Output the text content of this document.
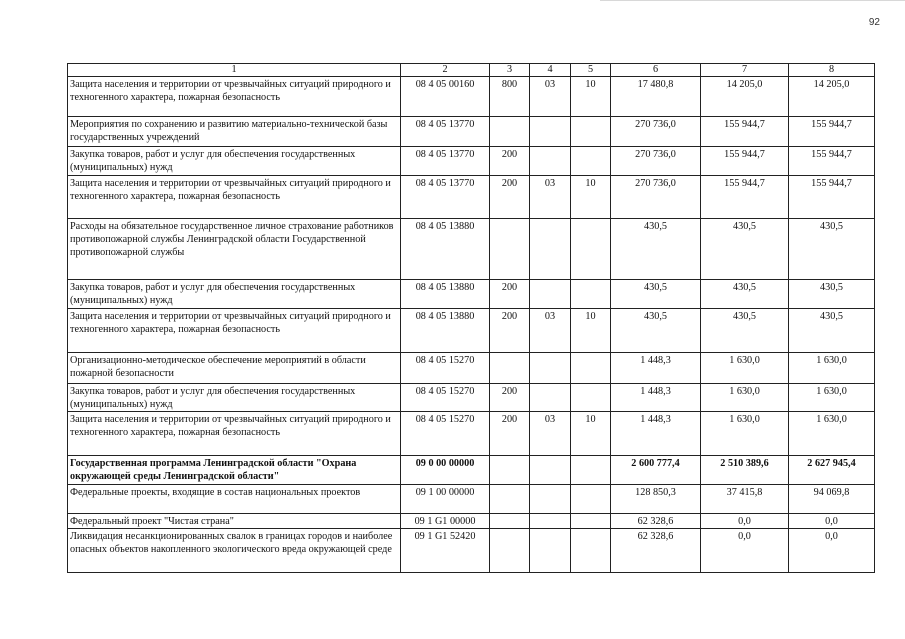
92
1	2	3	4	5	6	7	8
Защита населения и территории от чрезвычайных ситуаций природного и техногенного характера, пожарная безопасность	08 4 05 00160	800	03	10	17 480,8	14 205,0	14 205,0
Мероприятия по сохранению и развитию материально-технической базы государственных учреждений	08 4 05 13770				270 736,0	155 944,7	155 944,7
Закупка товаров, работ и услуг для обеспечения государственных (муниципальных) нужд	08 4 05 13770	200			270 736,0	155 944,7	155 944,7
Защита населения и территории от чрезвычайных ситуаций природного и техногенного характера, пожарная безопасность	08 4 05 13770	200	03	10	270 736,0	155 944,7	155 944,7
Расходы на обязательное государственное личное страхование работников противопожарной службы Ленинградской области Государственной противопожарной службы	08 4 05 13880				430,5	430,5	430,5
Закупка товаров, работ и услуг для обеспечения государственных (муниципальных) нужд	08 4 05 13880	200			430,5	430,5	430,5
Защита населения и территории от чрезвычайных ситуаций природного и техногенного характера, пожарная безопасность	08 4 05 13880	200	03	10	430,5	430,5	430,5
Организационно-методическое обеспечение мероприятий в области пожарной безопасности	08 4 05 15270				1 448,3	1 630,0	1 630,0
Закупка товаров, работ и услуг для обеспечения государственных (муниципальных) нужд	08 4 05 15270	200			1 448,3	1 630,0	1 630,0
Защита населения и территории от чрезвычайных ситуаций природного и техногенного характера, пожарная безопасность	08 4 05 15270	200	03	10	1 448,3	1 630,0	1 630,0
Государственная программа Ленинградской области "Охрана окружающей среды Ленинградской области"	09 0 00 00000				2 600 777,4	2 510 389,6	2 627 945,4
Федеральные проекты, входящие в состав национальных проектов	09 1 00 00000				128 850,3	37 415,8	94 069,8
Федеральный проект "Чистая страна"	09 1 G1 00000				62 328,6	0,0	0,0
Ликвидация несанкционированных свалок в границах городов и наиболее опасных объектов накопленного экологического вреда окружающей среде	09 1 G1 52420				62 328,6	0,0	0,0
